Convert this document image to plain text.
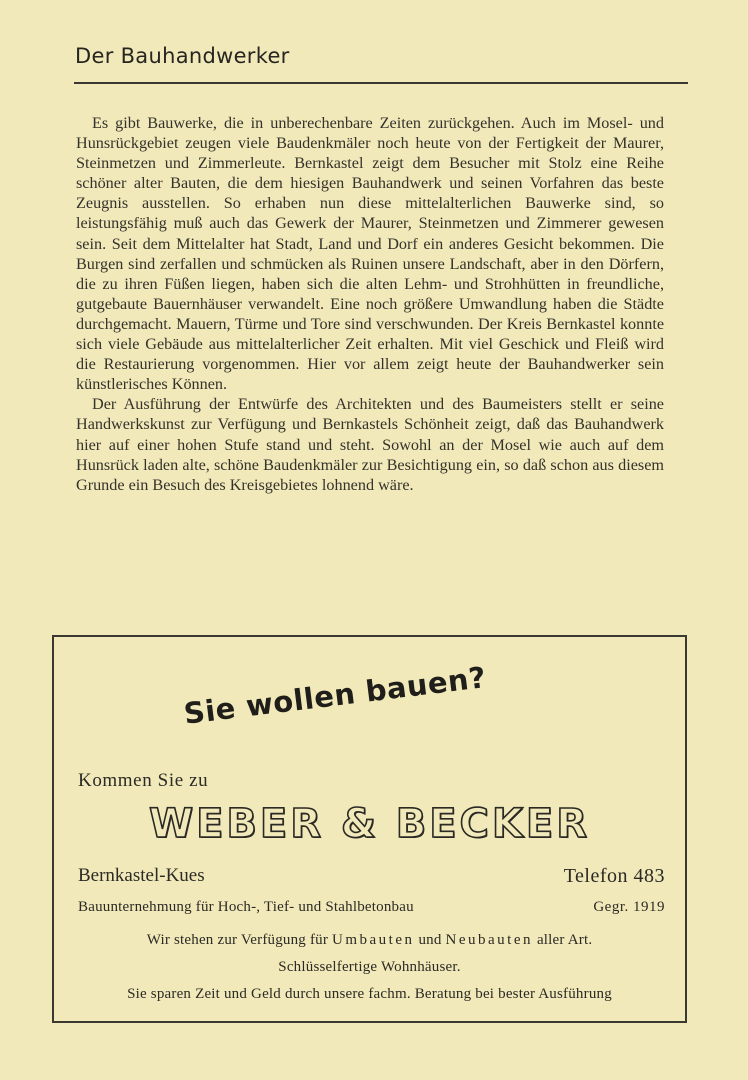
Der Bauhandwerker

Es gibt Bauwerke, die in unberechenbare Zeiten zurückgehen. Auch im Mosel- und Hunsrückgebiet zeugen viele Baudenkmäler noch heute von der Fertigkeit der Maurer, Steinmetzen und Zimmerleute. Bernkastel zeigt dem Besucher mit Stolz eine Reihe schöner alter Bauten, die dem hiesigen Bauhandwerk und seinen Vorfahren das beste Zeugnis ausstellen. So erhaben nun diese mittelalterlichen Bauwerke sind, so leistungsfähig muß auch das Gewerk der Maurer, Steinmetzen und Zimmerer gewesen sein. Seit dem Mittelalter hat Stadt, Land und Dorf ein anderes Gesicht bekommen. Die Burgen sind zerfallen und schmücken als Ruinen unsere Landschaft, aber in den Dörfern, die zu ihren Füßen liegen, haben sich die alten Lehm- und Strohhütten in freundliche, gutgebaute Bauernhäuser verwandelt. Eine noch größere Umwandlung haben die Städte durchgemacht. Mauern, Türme und Tore sind verschwunden. Der Kreis Bernkastel konnte sich viele Gebäude aus mittelalterlicher Zeit erhalten. Mit viel Geschick und Fleiß wird die Restaurierung vorgenommen. Hier vor allem zeigt heute der Bauhandwerker sein künstlerisches Können.

Der Ausführung der Entwürfe des Architekten und des Baumeisters stellt er seine Handwerkskunst zur Verfügung und Bernkastels Schönheit zeigt, daß das Bauhandwerk hier auf einer hohen Stufe stand und steht. Sowohl an der Mosel wie auch auf dem Hunsrück laden alte, schöne Baudenkmäler zur Besichtigung ein, so daß schon aus diesem Grunde ein Besuch des Kreisgebietes lohnend wäre.

Sie wollen bauen?
Kommen Sie zu
WEBER & BECKER
Bernkastel-Kues	Telefon 483
Bauunternehmung für Hoch-, Tief- und Stahlbetonbau	Gegr. 1919
Wir stehen zur Verfügung für Umbauten und Neubauten aller Art.
Schlüsselfertige Wohnhäuser.
Sie sparen Zeit und Geld durch unsere fachm. Beratung bei bester Ausführung
